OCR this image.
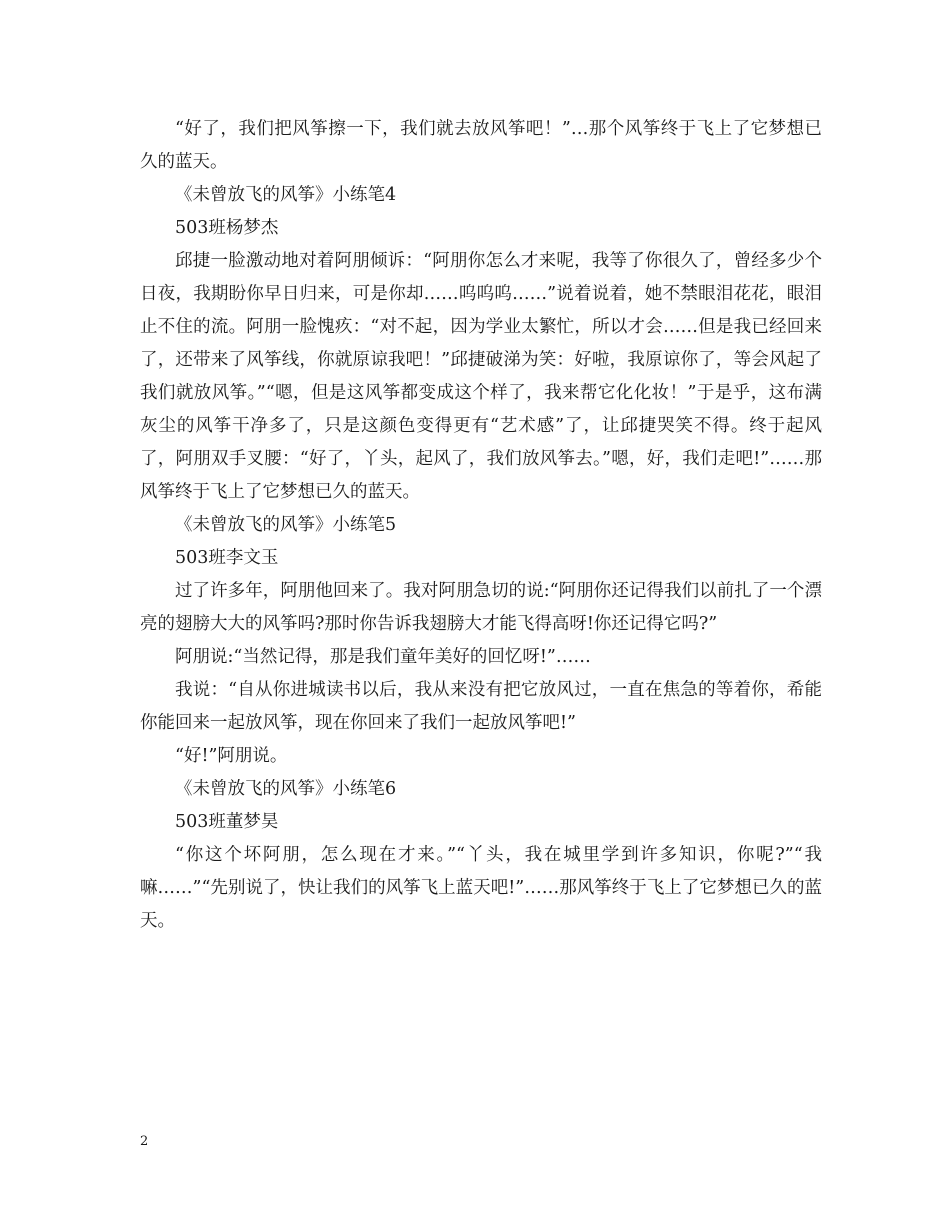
“好了，我们把风筝擦一下，我们就去放风筝吧！”…那个风筝终于飞上了它梦想已久的蓝天。

《未曾放飞的风筝》小练笔4

503班杨梦杰

邱捷一脸激动地对着阿朋倾诉：“阿朋你怎么才来呢，我等了你很久了，曾经多少个日夜，我期盼你早日归来，可是你却……呜呜呜……”说着说着，她不禁眼泪花花，眼泪止不住的流。阿朋一脸愧疚：“对不起，因为学业太繁忙，所以才会……但是我已经回来了，还带来了风筝线，你就原谅我吧！”邱捷破涕为笑：好啦，我原谅你了，等会风起了我们就放风筝。”“嗯，但是这风筝都变成这个样了，我来帮它化化妆！”于是乎，这布满灰尘的风筝干净多了，只是这颜色变得更有“艺术感”了，让邱捷哭笑不得。终于起风了，阿朋双手叉腰：“好了，丫头，起风了，我们放风筝去。”嗯，好，我们走吧!”……那风筝终于飞上了它梦想已久的蓝天。

《未曾放飞的风筝》小练笔5

503班李文玉

过了许多年，阿朋他回来了。我对阿朋急切的说:“阿朋你还记得我们以前扎了一个漂亮的翅膀大大的风筝吗?那时你告诉我翅膀大才能飞得高呀!你还记得它吗?”

阿朋说:“当然记得，那是我们童年美好的回忆呀!”……

我说：“自从你进城读书以后，我从来没有把它放风过，一直在焦急的等着你，希能你能回来一起放风筝，现在你回来了我们一起放风筝吧!”

“好!”阿朋说。

《未曾放飞的风筝》小练笔6

503班董梦昊

“你这个坏阿朋，怎么现在才来。”“丫头，我在城里学到许多知识，你呢?”“我嘛……”“先别说了，快让我们的风筝飞上蓝天吧!”……那风筝终于飞上了它梦想已久的蓝天。

2
